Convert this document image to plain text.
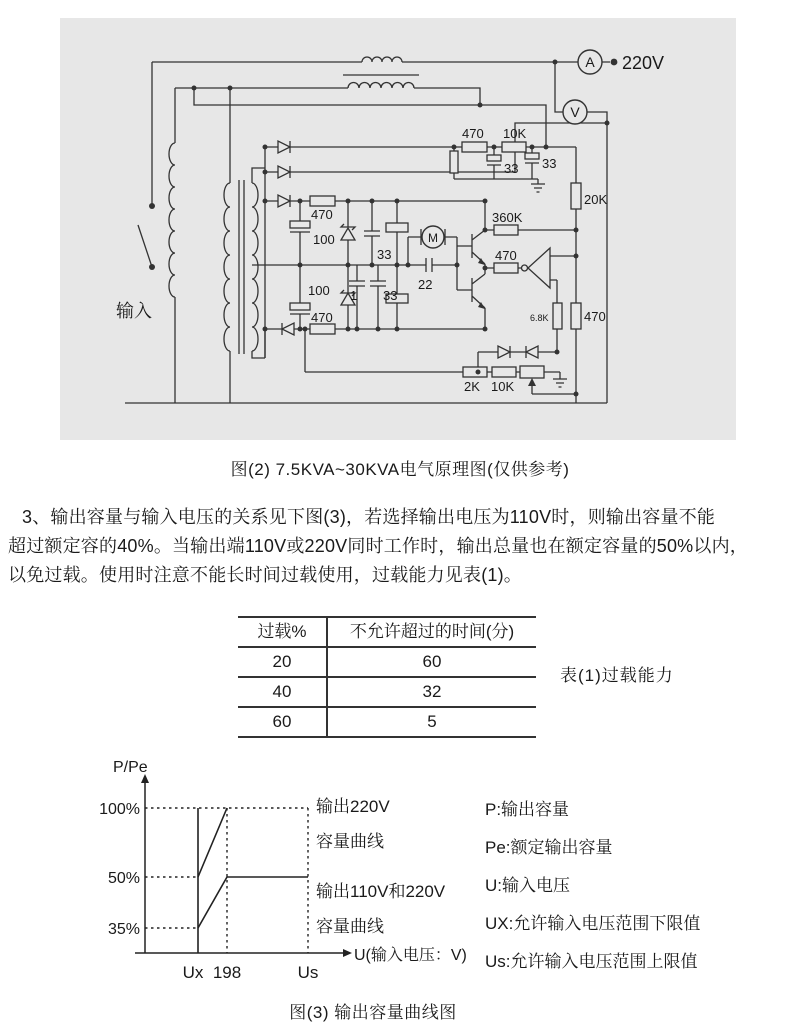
220V
A
V
470 10K
33 33
20K
470
100
100 1
33
33
22
470
360K
470
6.8K	470
2K 10K
M
输入
图(2) 7.5KVA~30KVA电气原理图(仅供参考)
3、输出容量与输入电压的关系见下图(3)，若选择输出电压为110V时，则输出容量不能
超过额定容的40%。当输出端110V或220V同时工作时，输出总量也在额定容量的50%以内，
以免过载。使用时注意不能长时间过载使用，过载能力见表(1)。
过载%	不允许超过的时间(分)
20	60
40	32
60	5
表(1)过载能力
P/Pe
100%
50%
35%
Ux 198	Us
U(输入电压：V)
输出220V
容量曲线
输出110V和220V
容量曲线
P:输出容量
Pe:额定输出容量
U:输入电压
UX:允许输入电压范围下限值
Us:允许输入电压范围上限值
图(3) 输出容量曲线图
